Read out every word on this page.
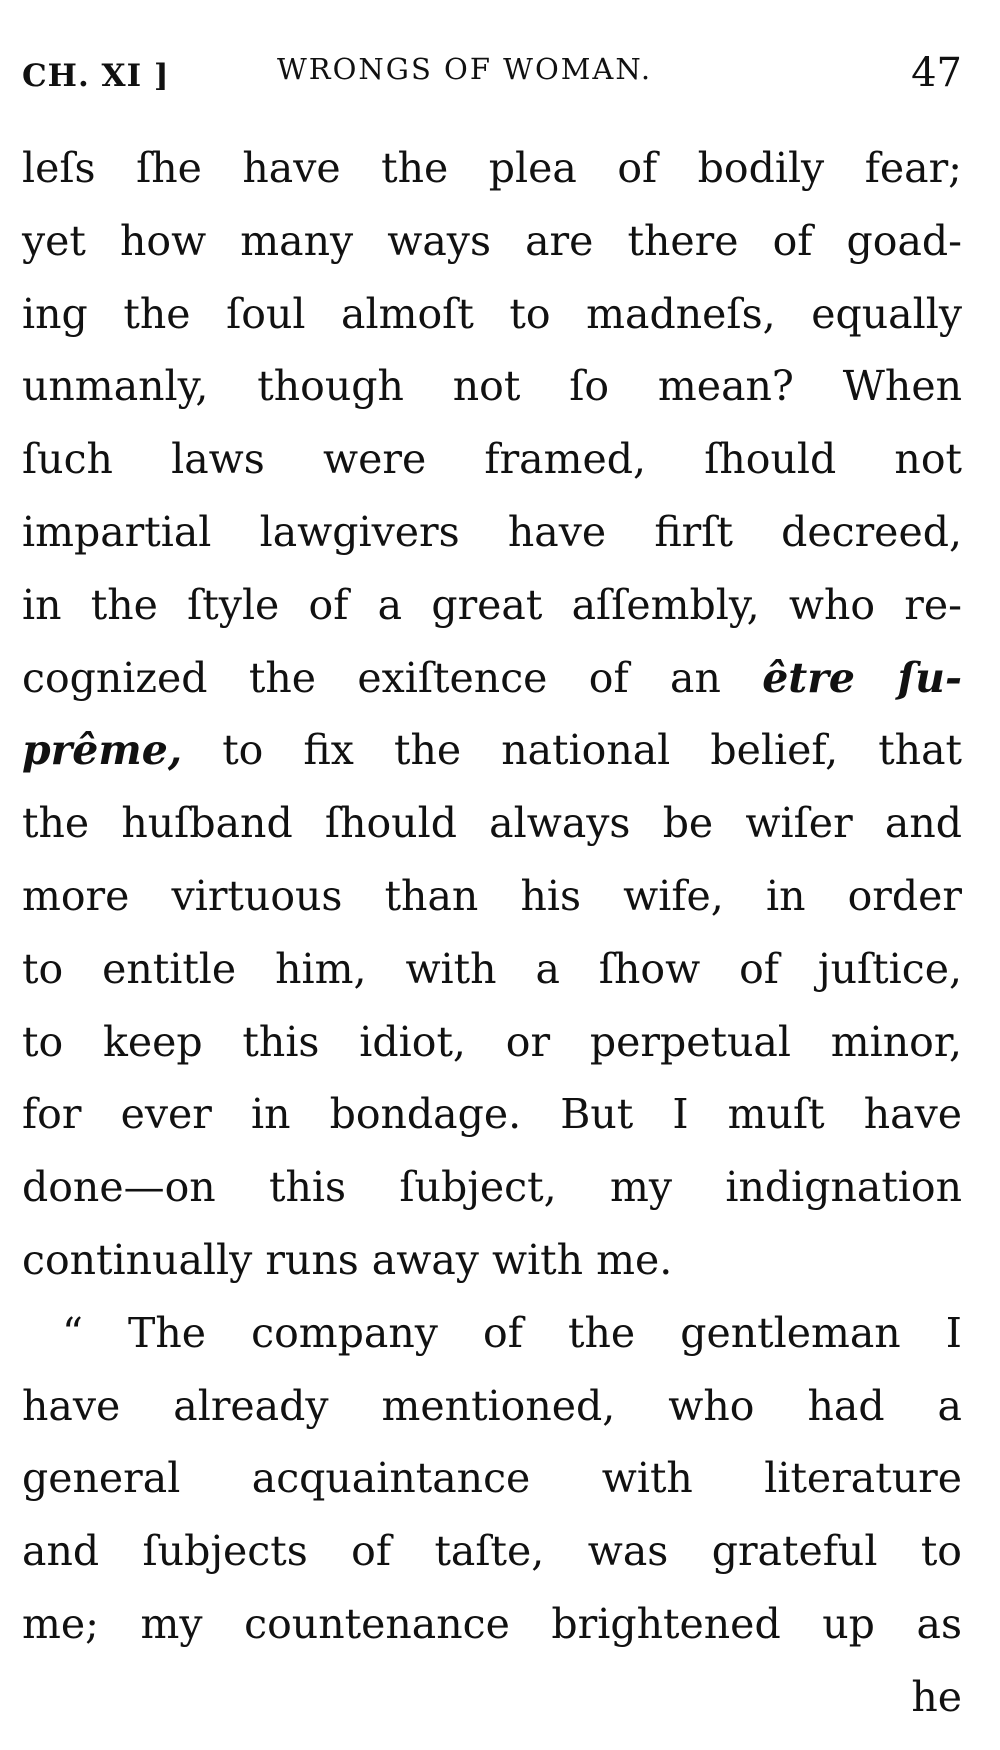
CH. XI ]	WRONGS OF WOMAN.	47
leſs ſhe have the plea of bodily fear;
yet how many ways are there of goad-
ing the ſoul almoſt to madneſs, equally
unmanly, though not ſo mean? When
ſuch laws were framed, ſhould not
impartial lawgivers have firſt decreed,
in the ſtyle of a great aſſembly, who re-
cognized the exiſtence of an être ſu-
prême, to fix the national belief, that
the huſband ſhould always be wiſer and
more virtuous than his wife, in order
to entitle him, with a ſhow of juſtice,
to keep this idiot, or perpetual minor,
for ever in bondage. But I muſt have
done—on this ſubject, my indignation
continually runs away with me.
“ The company of the gentleman I
have already mentioned, who had a
general acquaintance with literature
and ſubjects of taſte, was grateful to
me; my countenance brightened up as
he
